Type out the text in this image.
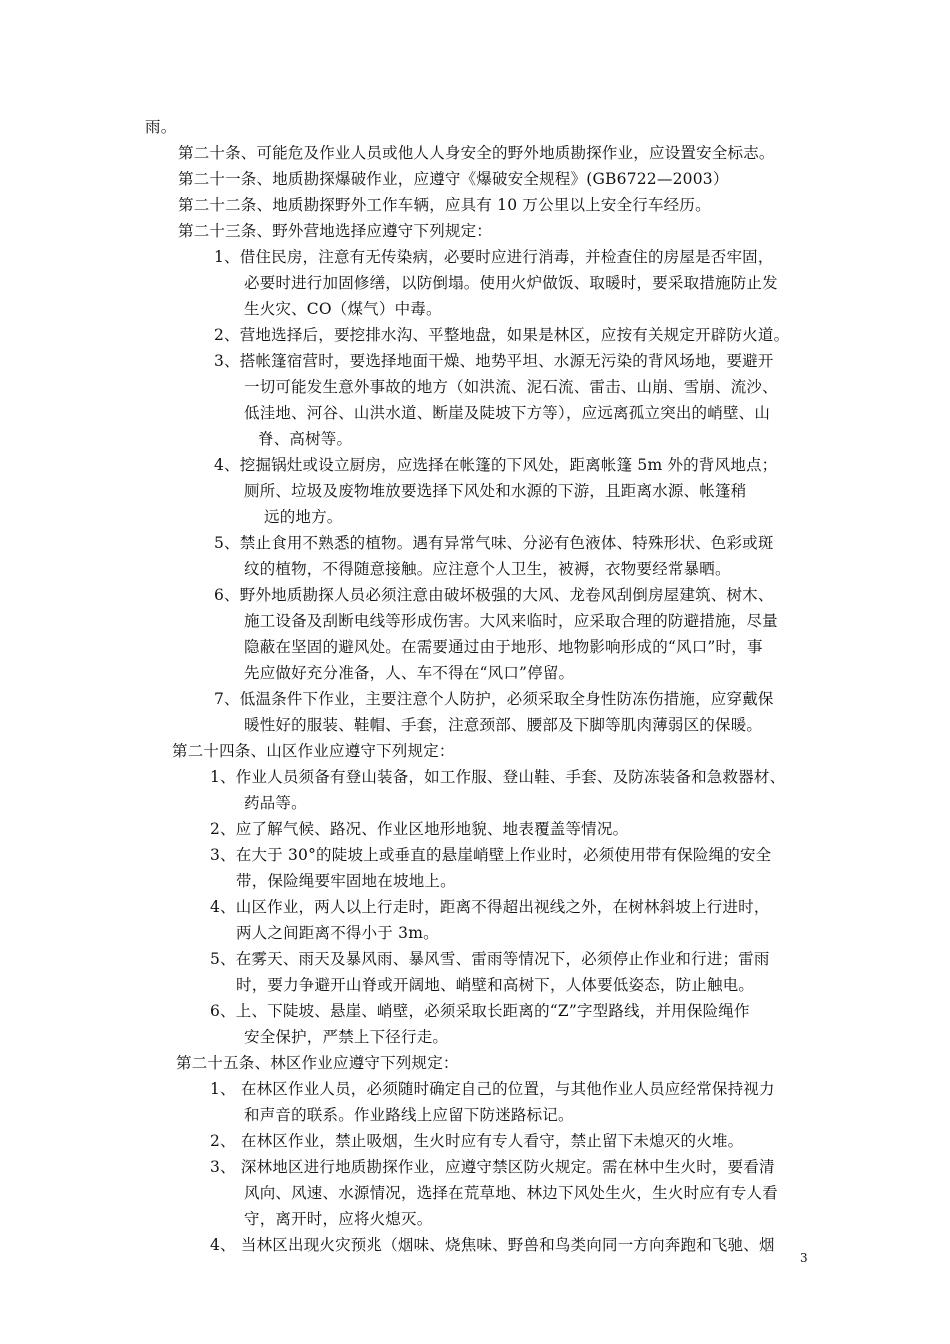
雨。
第二十条、可能危及作业人员或他人人身安全的野外地质勘探作业，应设置安全标志。
第二十一条、地质勘探爆破作业，应遵守《爆破安全规程》(GB6722—2003）
第二十二条、地质勘探野外工作车辆，应具有 10 万公里以上安全行车经历。
第二十三条、野外营地选择应遵守下列规定：
1、借住民房，注意有无传染病，必要时应进行消毒，并检查住的房屋是否牢固，
必要时进行加固修缮，以防倒塌。使用火炉做饭、取暖时，要采取措施防止发
生火灾、CO（煤气）中毒。
2、营地选择后，要挖排水沟、平整地盘，如果是林区，应按有关规定开辟防火道。
3、搭帐篷宿营时，要选择地面干燥、地势平坦、水源无污染的背风场地，要避开
一切可能发生意外事故的地方（如洪流、泥石流、雷击、山崩、雪崩、流沙、
低洼地、河谷、山洪水道、断崖及陡坡下方等），应远离孤立突出的峭壁、山
脊、高树等。
4、挖掘锅灶或设立厨房，应选择在帐篷的下风处，距离帐篷 5m 外的背风地点；
厕所、垃圾及废物堆放要选择下风处和水源的下游，且距离水源、帐篷稍
远的地方。
5、禁止食用不熟悉的植物。遇有异常气味、分泌有色液体、特殊形状、色彩或斑
纹的植物，不得随意接触。应注意个人卫生，被褥，衣物要经常暴晒。
6、野外地质勘探人员必须注意由破坏极强的大风、龙卷风刮倒房屋建筑、树木、
施工设备及刮断电线等形成伤害。大风来临时，应采取合理的防避措施，尽量
隐蔽在坚固的避风处。在需要通过由于地形、地物影响形成的“风口”时，事
先应做好充分准备，人、车不得在“风口”停留。
7、低温条件下作业，主要注意个人防护，必须采取全身性防冻伤措施，应穿戴保
暖性好的服装、鞋帽、手套，注意颈部、腰部及下脚等肌肉薄弱区的保暖。
第二十四条、山区作业应遵守下列规定：
1、作业人员须备有登山装备，如工作服、登山鞋、手套、及防冻装备和急救器材、
药品等。
2、应了解气候、路况、作业区地形地貌、地表覆盖等情况。
3、在大于 30°的陡坡上或垂直的悬崖峭壁上作业时，必须使用带有保险绳的安全
带，保险绳要牢固地在坡地上。
4、山区作业，两人以上行走时，距离不得超出视线之外，在树林斜坡上行进时，
两人之间距离不得小于 3m。
5、在雾天、雨天及暴风雨、暴风雪、雷雨等情况下，必须停止作业和行进；雷雨
时，要力争避开山脊或开阔地、峭壁和高树下，人体要低姿态，防止触电。
6、上、下陡坡、悬崖、峭壁，必须采取长距离的“Z”字型路线，并用保险绳作
安全保护，严禁上下径行走。
第二十五条、林区作业应遵守下列规定：
1、 在林区作业人员，必须随时确定自己的位置，与其他作业人员应经常保持视力
和声音的联系。作业路线上应留下防迷路标记。
2、 在林区作业，禁止吸烟，生火时应有专人看守，禁止留下未熄灭的火堆。
3、 深林地区进行地质勘探作业，应遵守禁区防火规定。需在林中生火时，要看清
风向、风速、水源情况，选择在荒草地、林边下风处生火，生火时应有专人看
守，离开时，应将火熄灭。
4、 当林区出现火灾预兆（烟味、烧焦味、野兽和鸟类向同一方向奔跑和飞驰、烟
3
